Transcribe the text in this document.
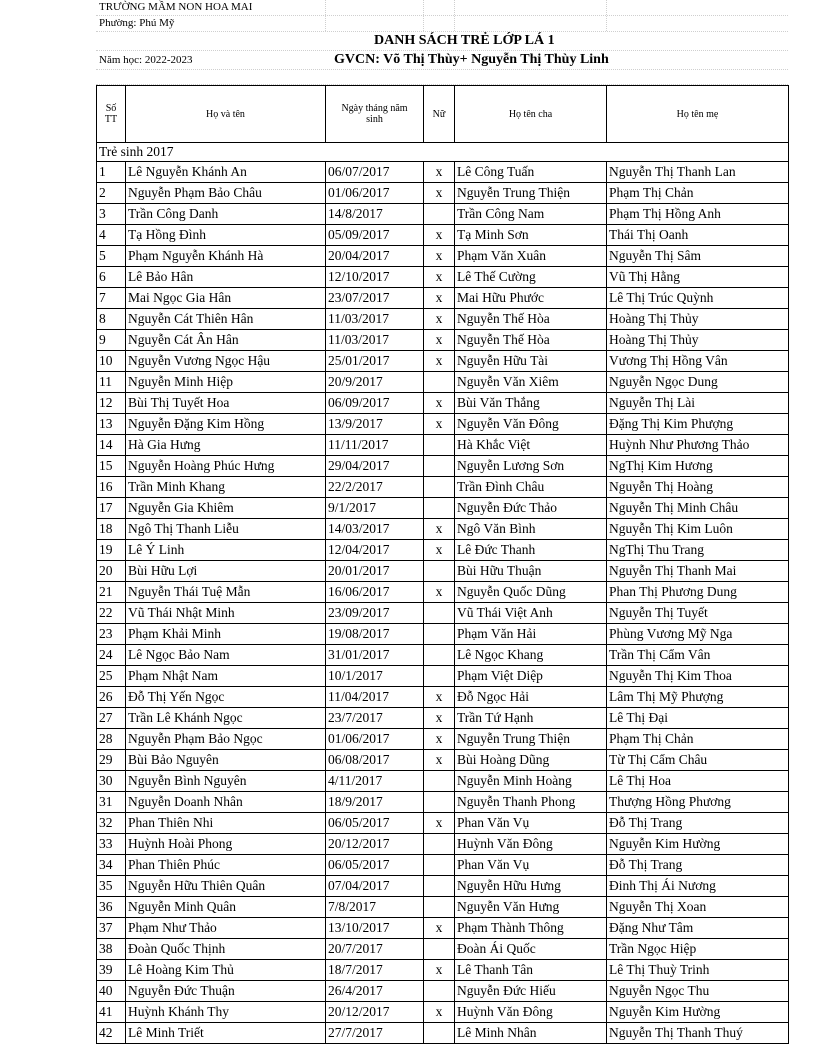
TRƯỜNG MẦM NON HOA MAI
Phường: Phú Mỹ
DANH SÁCH TRẺ LỚP LÁ 1
Năm học: 2022-2023	GVCN: Võ Thị Thùy+ Nguyễn Thị Thùy Linh
Số TT	Họ và tên	Ngày tháng năm sinh	Nữ	Họ tên cha	Họ tên mẹ
Trẻ sinh 2017					
1	Lê Nguyễn Khánh An	06/07/2017	x	Lê Công Tuấn	Nguyễn Thị Thanh Lan
2	Nguyễn Phạm Bảo Châu	01/06/2017	x	Nguyễn Trung Thiện	Phạm Thị Chản
3	Trần Công Danh	14/8/2017		Trần Công Nam	Phạm Thị Hồng Anh
4	Tạ Hồng Đình	05/09/2017	x	Tạ Minh Sơn	Thái Thị Oanh
5	Phạm Nguyễn Khánh Hà	20/04/2017	x	Phạm Văn Xuân	Nguyễn Thị Sâm
6	Lê Bảo Hân	12/10/2017	x	Lê Thế Cường	Vũ Thị Hằng
7	Mai Ngọc Gia Hân	23/07/2017	x	Mai Hữu Phước	Lê Thị Trúc Quỳnh
8	Nguyễn Cát Thiên Hân	11/03/2017	x	Nguyễn Thế Hòa	Hoàng Thị Thủy
9	Nguyễn Cát Ân Hân	11/03/2017	x	Nguyễn Thế Hòa	Hoàng Thị Thủy
10	Nguyễn Vương Ngọc Hậu	25/01/2017	x	Nguyễn Hữu Tài	Vương Thị Hồng Vân
11	Nguyễn Minh Hiệp	20/9/2017		Nguyễn Văn Xiêm	Nguyễn Ngọc Dung
12	Bùi Thị Tuyết Hoa	06/09/2017	x	Bùi Văn Thắng	Nguyễn Thị Lài
13	Nguyễn Đặng Kim Hồng	13/9/2017	x	Nguyễn Văn Đông	Đặng Thị Kim Phượng
14	Hà Gia Hưng	11/11/2017		Hà Khắc Việt	Huỳnh Như Phương Thảo
15	Nguyễn Hoàng Phúc Hưng	29/04/2017		Nguyễn Lương Sơn	NgThị Kim Hương
16	Trần Minh Khang	22/2/2017		Trần Đình Châu	Nguyễn Thị Hoàng
17	Nguyễn Gia Khiêm	9/1/2017		Nguyễn Đức Thảo	Nguyễn Thị Minh Châu
18	Ngô Thị Thanh Liễu	14/03/2017	x	Ngô Văn Bình	Nguyễn Thị Kim Luôn
19	Lê Ý Linh	12/04/2017	x	Lê Đức Thanh	NgThị Thu Trang
20	Bùi Hữu Lợi	20/01/2017		Bùi Hữu Thuận	Nguyễn Thị Thanh Mai
21	Nguyễn Thái Tuệ Mẫn	16/06/2017	x	Nguyễn Quốc Dũng	Phan Thị Phương Dung
22	Vũ Thái Nhật Minh	23/09/2017		Vũ Thái Việt Anh	Nguyễn Thị Tuyết
23	Phạm Khải Minh	19/08/2017		Phạm Văn Hải	Phùng Vương Mỹ Nga
24	Lê Ngọc Bảo Nam	31/01/2017		Lê Ngọc Khang	Trần Thị Cẩm Vân
25	Phạm Nhật Nam	10/1/2017		Phạm Việt Diệp	Nguyễn Thị Kim Thoa
26	Đỗ Thị Yến Ngọc	11/04/2017	x	Đỗ Ngọc Hải	Lâm Thị Mỹ Phượng
27	Trần Lê Khánh Ngọc	23/7/2017	x	Trần Tứ Hạnh	Lê Thị Đại
28	Nguyễn Phạm Bảo Ngọc	01/06/2017	x	Nguyễn Trung Thiện	Phạm Thị Chản
29	Bùi Bảo Nguyên	06/08/2017	x	Bùi Hoàng Dũng	Từ Thị Cẩm Châu
30	Nguyễn Bình Nguyên	4/11/2017		Nguyễn Minh Hoàng	Lê Thị Hoa
31	Nguyễn Doanh Nhân	18/9/2017		Nguyễn Thanh Phong	Thượng Hồng Phương
32	Phan Thiên Nhi	06/05/2017	x	Phan Văn Vụ	Đỗ Thị Trang
33	Huỳnh Hoài Phong	20/12/2017		Huỳnh Văn Đông	Nguyễn Kim Hường
34	Phan Thiên Phúc	06/05/2017		Phan Văn Vụ	Đỗ Thị Trang
35	Nguyễn Hữu Thiên Quân	07/04/2017		Nguyễn Hữu Hưng	Đinh Thị Ái Nương
36	Nguyễn Minh Quân	7/8/2017		Nguyễn Văn Hưng	Nguyễn Thị Xoan
37	Phạm Như Thảo	13/10/2017	x	Phạm Thành Thông	Đặng Như Tâm
38	Đoàn Quốc Thịnh	20/7/2017		Đoàn Ái Quốc	Trần Ngọc Hiệp
39	Lê Hoàng Kim Thủ	18/7/2017	x	Lê Thanh Tân	Lê Thị Thuỳ Trinh
40	Nguyễn Đức Thuận	26/4/2017		Nguyễn Đức Hiếu	Nguyễn Ngọc Thu
41	Huỳnh Khánh Thy	20/12/2017	x	Huỳnh Văn Đông	Nguyễn Kim Hường
42	Lê Minh Triết	27/7/2017		Lê Minh Nhân	Nguyễn Thị Thanh Thuý
